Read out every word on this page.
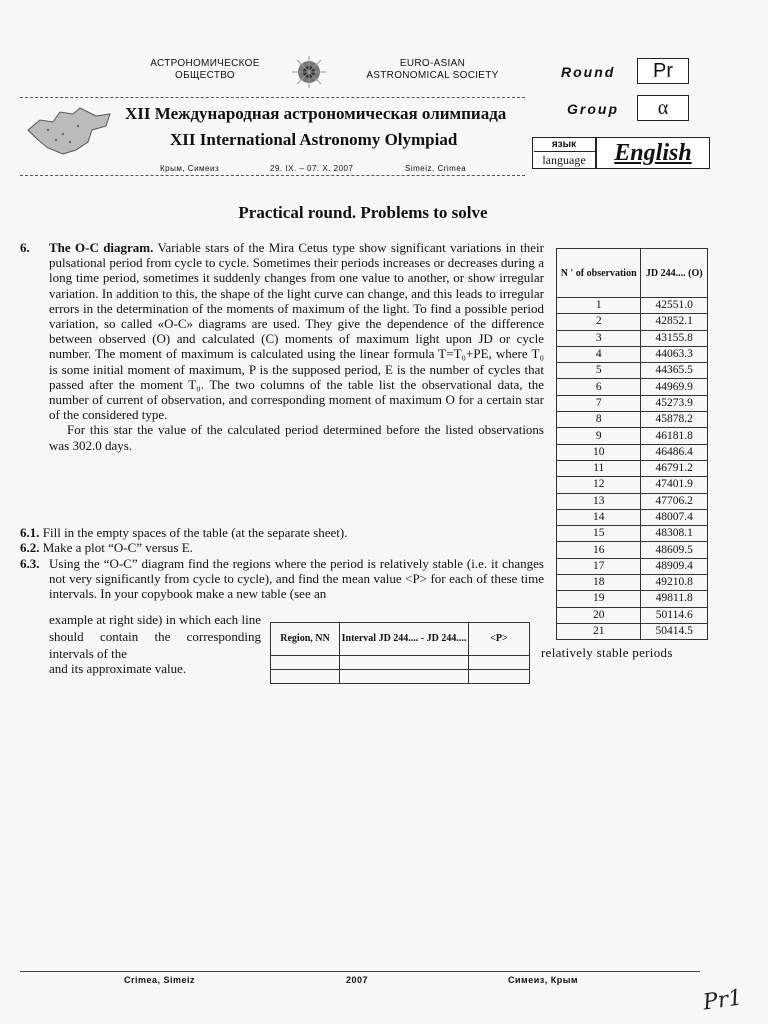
АСТРОНОМИЧЕСКОЕ
ОБЩЕСТВО
EURO-ASIAN
ASTRONOMICAL SOCIETY
XII Международная астрономическая олимпиада
XII International Astronomy Olympiad
Крым, Симеиз	29. IX. – 07. X. 2007	Simeiz, Crimea
Round	Pr
Group	α
язык
language	English
Practical round. Problems to solve
6.	The O-C diagram. Variable stars of the Mira Cetus type show significant variations in their pulsational period from cycle to cycle. Sometimes their periods increases or decreases during a long time period, sometimes it suddenly changes from one value to another, or show irregular variation. In addition to this, the shape of the light curve can change, and this leads to irregular errors in the determination of the moments of maximum of the light. To find a possible period variation, so called «O-C» diagrams are used. They give the dependence of the difference between observed (O) and calculated (C) moments of maximum light upon JD or cycle number. The moment of maximum is calculated using the linear formula T=T₀+PE, where T₀ is some initial moment of maximum, P is the supposed period, E is the number of cycles that passed after the moment T₀. The two columns of the table list the observational data, the number of current of observation, and corresponding moment of maximum O for a certain star of the considered type.

For this star the value of the calculated period determined before the listed observations was 302.0 days.

6.1. Fill in the empty spaces of the table (at the separate sheet).

6.2. Make a plot “O-C” versus E.

6.3. Using the “O-C” diagram find the regions where the period is relatively stable (i.e. it changes not very significantly from cycle to cycle), and find the mean value <P> for each of these time intervals. In your copybook make a new table (see an
example at right side) in which each line should contain the corresponding intervals of the	relatively stable periods
and its approximate value.
Region, NN	Interval JD 244.... - JD 244....	<P>

N ' of observation	JD 244.... (O)
1	42551.0
2	42852.1
3	43155.8
4	44063.3
5	44365.5
6	44969.9
7	45273.9
8	45878.2
9	46181.8
10	46486.4
11	46791.2
12	47401.9
13	47706.2
14	48007.4
15	48308.1
16	48609.5
17	48909.4
18	49210.8
19	49811.8
20	50114.6
21	50414.5
Crimea, Simeiz	2007	Симеиз, Крым
Pr1
